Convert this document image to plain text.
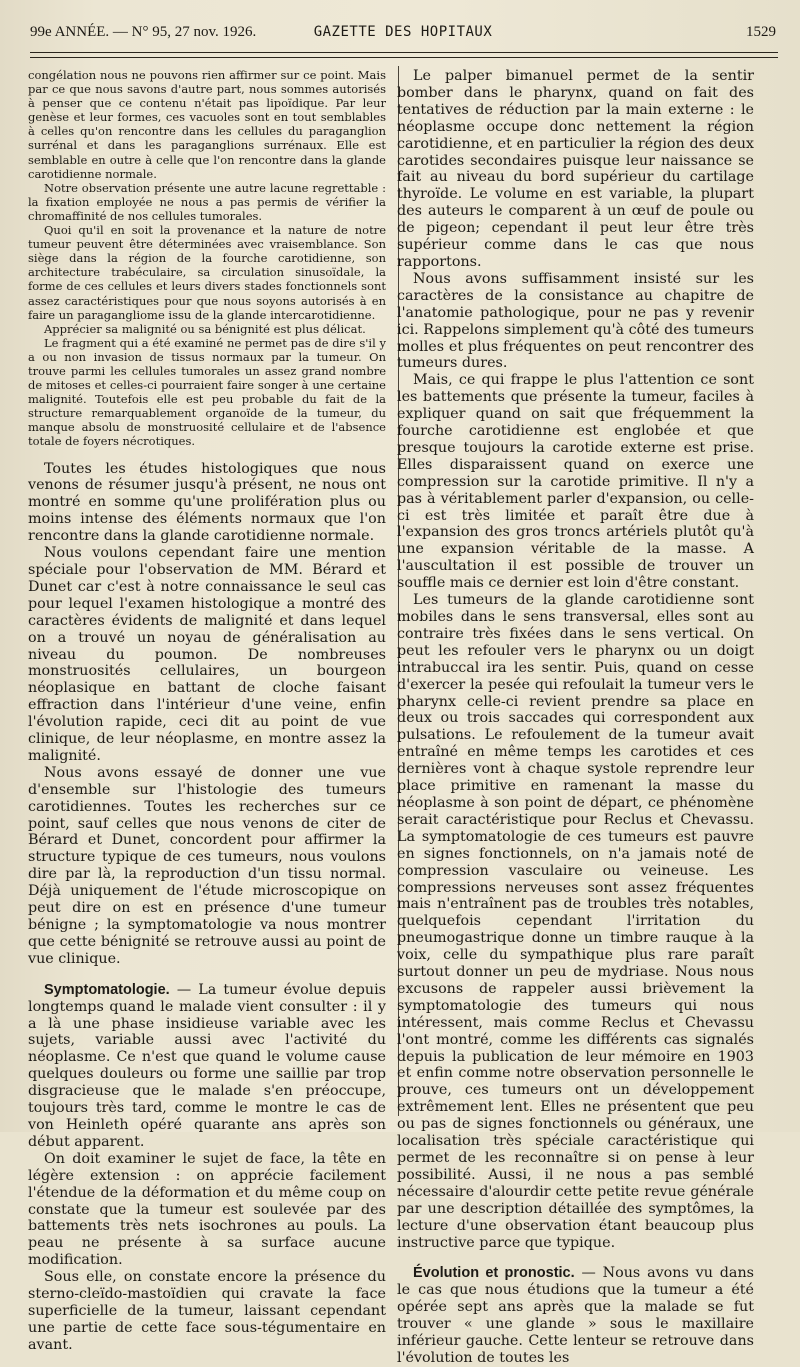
99e ANNÉE. — N° 95, 27 nov. 1926.	GAZETTE DES HOPITAUX	1529

congélation nous ne pouvons rien affirmer sur ce point. Mais par ce que nous savons d'autre part, nous sommes autorisés à penser que ce contenu n'était pas lipoïdique. Par leur genèse et leur formes, ces vacuoles sont en tout semblables à celles qu'on rencontre dans les cellules du paraganglion surrénal et dans les paraganglions surrénaux. Elle est semblable en outre à celle que l'on rencontre dans la glande carotidienne normale.

Notre observation présente une autre lacune regrettable : la fixation employée ne nous a pas permis de vérifier la chromaffinité de nos cellules tumorales.

Quoi qu'il en soit la provenance et la nature de notre tumeur peuvent être déterminées avec vraisemblance. Son siège dans la région de la fourche carotidienne, son architecture trabéculaire, sa circulation sinusoïdale, la forme de ces cellules et leurs divers stades fonctionnels sont assez caractéristiques pour que nous soyons autorisés à en faire un paragangliome issu de la glande intercarotidienne.

Apprécier sa malignité ou sa bénignité est plus délicat.

Le fragment qui a été examiné ne permet pas de dire s'il y a ou non invasion de tissus normaux par la tumeur. On trouve parmi les cellules tumorales un assez grand nombre de mitoses et celles-ci pourraient faire songer à une certaine malignité. Toutefois elle est peu probable du fait de la structure remarquablement organoïde de la tumeur, du manque absolu de monstruosité cellulaire et de l'absence totale de foyers nécrotiques.

Toutes les études histologiques que nous venons de résumer jusqu'à présent, ne nous ont montré en somme qu'une prolifération plus ou moins intense des éléments normaux que l'on rencontre dans la glande carotidienne normale.

Nous voulons cependant faire une mention spéciale pour l'observation de MM. Bérard et Dunet car c'est à notre connaissance le seul cas pour lequel l'examen histologique a montré des caractères évidents de malignité et dans lequel on a trouvé un noyau de généralisation au niveau du poumon. De nombreuses monstruosités cellulaires, un bourgeon néoplasique en battant de cloche faisant effraction dans l'intérieur d'une veine, enfin l'évolution rapide, ceci dit au point de vue clinique, de leur néoplasme, en montre assez la malignité.

Nous avons essayé de donner une vue d'ensemble sur l'histologie des tumeurs carotidiennes. Toutes les recherches sur ce point, sauf celles que nous venons de citer de Bérard et Dunet, concordent pour affirmer la structure typique de ces tumeurs, nous voulons dire par là, la reproduction d'un tissu normal. Déjà uniquement de l'étude microscopique on peut dire on est en présence d'une tumeur bénigne ; la symptomatologie va nous montrer que cette bénignité se retrouve aussi au point de vue clinique.

Symptomatologie. — La tumeur évolue depuis longtemps quand le malade vient consulter : il y a là une phase insidieuse variable avec les sujets, variable aussi avec l'activité du néoplasme. Ce n'est que quand le volume cause quelques douleurs ou forme une saillie par trop disgracieuse que le malade s'en préoccupe, toujours très tard, comme le montre le cas de von Heinleth opéré quarante ans après son début apparent.

On doit examiner le sujet de face, la tête en légère extension : on apprécie facilement l'étendue de la déformation et du même coup on constate que la tumeur est soulevée par des battements très nets isochrones au pouls. La peau ne présente à sa surface aucune modification.

Sous elle, on constate encore la présence du sterno-cleïdo-mastoïdien qui cravate la face superficielle de la tumeur, laissant cependant une partie de cette face sous-tégumentaire en avant.

Le palper bimanuel permet de la sentir bomber dans le pharynx, quand on fait des tentatives de réduction par la main externe : le néoplasme occupe donc nettement la région carotidienne, et en particulier la région des deux carotides secondaires puisque leur naissance se fait au niveau du bord supérieur du cartilage thyroïde. Le volume en est variable, la plupart des auteurs le comparent à un œuf de poule ou de pigeon; cependant il peut leur être très supérieur comme dans le cas que nous rapportons.

Nous avons suffisamment insisté sur les caractères de la consistance au chapitre de l'anatomie pathologique, pour ne pas y revenir ici. Rappelons simplement qu'à côté des tumeurs molles et plus fréquentes on peut rencontrer des tumeurs dures.

Mais, ce qui frappe le plus l'attention ce sont les battements que présente la tumeur, faciles à expliquer quand on sait que fréquemment la fourche carotidienne est englobée et que presque toujours la carotide externe est prise. Elles disparaissent quand on exerce une compression sur la carotide primitive. Il n'y a pas à véritablement parler d'expansion, ou celle-ci est très limitée et paraît être due à l'expansion des gros troncs artériels plutôt qu'à une expansion véritable de la masse. A l'auscultation il est possible de trouver un souffle mais ce dernier est loin d'être constant.

Les tumeurs de la glande carotidienne sont mobiles dans le sens transversal, elles sont au contraire très fixées dans le sens vertical. On peut les refouler vers le pharynx ou un doigt intrabuccal ira les sentir. Puis, quand on cesse d'exercer la pesée qui refoulait la tumeur vers le pharynx celle-ci revient prendre sa place en deux ou trois saccades qui correspondent aux pulsations. Le refoulement de la tumeur avait entraîné en même temps les carotides et ces dernières vont à chaque systole reprendre leur place primitive en ramenant la masse du néoplasme à son point de départ, ce phénomène serait caractéristique pour Reclus et Chevassu. La symptomatologie de ces tumeurs est pauvre en signes fonctionnels, on n'a jamais noté de compression vasculaire ou veineuse. Les compressions nerveuses sont assez fréquentes mais n'entraînent pas de troubles très notables, quelquefois cependant l'irritation du pneumogastrique donne un timbre rauque à la voix, celle du sympathique plus rare paraît surtout donner un peu de mydriase. Nous nous excusons de rappeler aussi brièvement la symptomatologie des tumeurs qui nous intéressent, mais comme Reclus et Chevassu l'ont montré, comme les différents cas signalés depuis la publication de leur mémoire en 1903 et enfin comme notre observation personnelle le prouve, ces tumeurs ont un développement extrêmement lent. Elles ne présentent que peu ou pas de signes fonctionnels ou généraux, une localisation très spéciale caractéristique qui permet de les reconnaître si on pense à leur possibilité. Aussi, il ne nous a pas semblé nécessaire d'alourdir cette petite revue générale par une description détaillée des symptômes, la lecture d'une observation étant beaucoup plus instructive parce que typique.

Évolution et pronostic. — Nous avons vu dans le cas que nous étudions que la tumeur a été opérée sept ans après que la malade se fut trouver « une glande » sous le maxillaire inférieur gauche. Cette lenteur se retrouve dans l'évolution de toutes les
